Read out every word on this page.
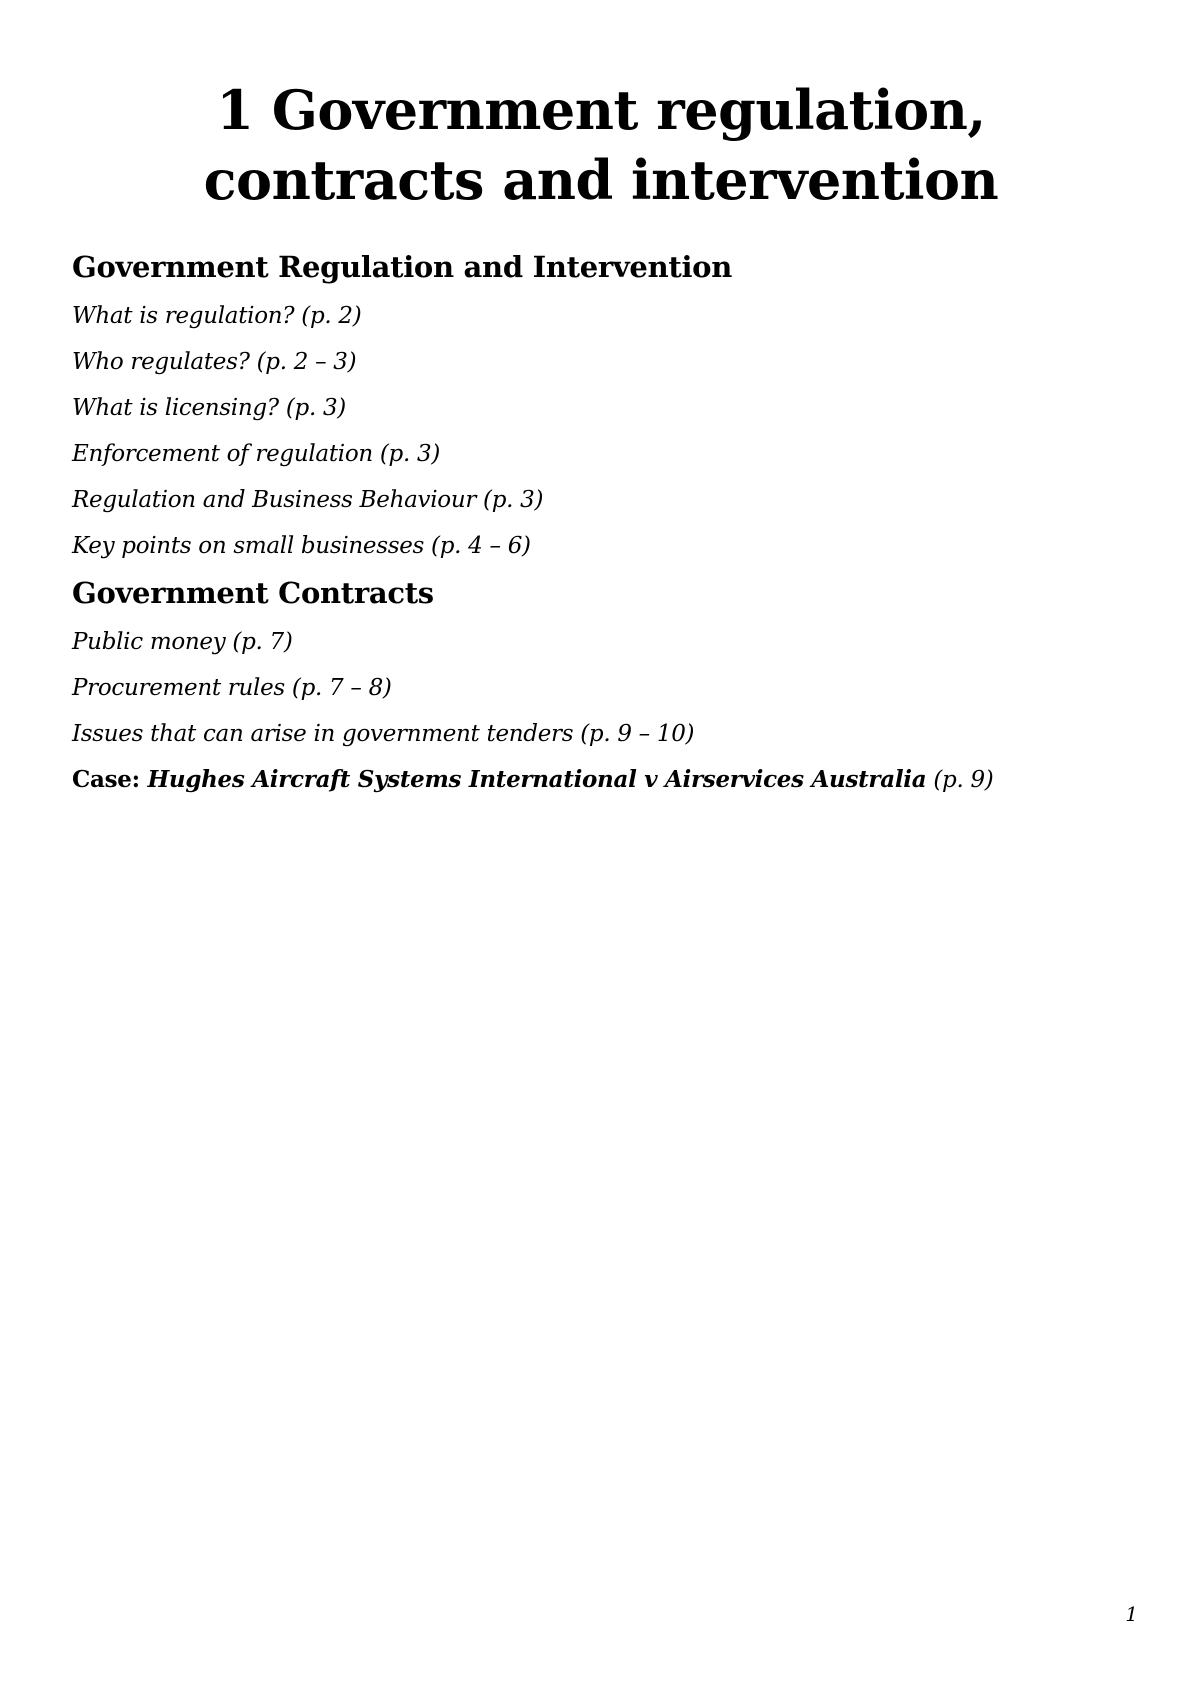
1 Government regulation, contracts and intervention
Government Regulation and Intervention
What is regulation? (p. 2)
Who regulates? (p. 2 – 3)
What is licensing? (p. 3)
Enforcement of regulation (p. 3)
Regulation and Business Behaviour (p. 3)
Key points on small businesses (p. 4 – 6)
Government Contracts
Public money (p. 7)
Procurement rules (p. 7 – 8)
Issues that can arise in government tenders (p. 9 – 10)

Case: Hughes Aircraft Systems International v Airservices Australia (p. 9)

1
